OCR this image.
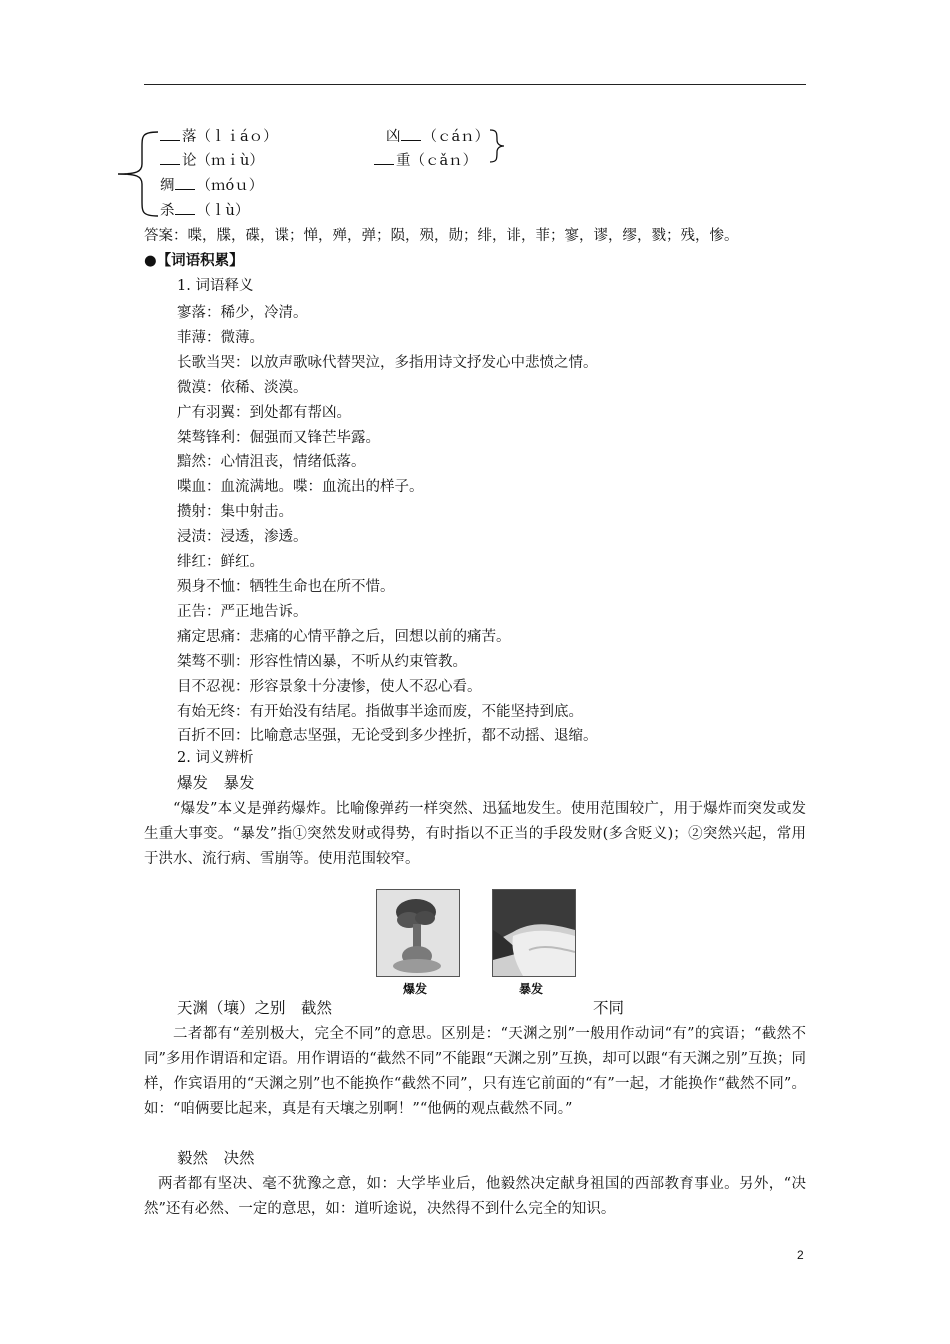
落（ｌｉáｏ）
论（ｍｉù）
绸 （ｍóｕ）
杀 （ｌù）
凶 （ｃáｎ）
重（ｃǎｎ）
答案：喋，牒，碟，谍；惮，殚，弹；陨，殒，勋；绯，诽，菲；寥，谬，缪，戮；残，惨。
●【词语积累】
1. 词语释义
寥落：稀少，冷清。
菲薄：微薄。
长歌当哭：以放声歌咏代替哭泣，多指用诗文抒发心中悲愤之情。
微漠：依稀、淡漠。
广有羽翼：到处都有帮凶。
桀骜锋利：倔强而又锋芒毕露。
黯然：心情沮丧，情绪低落。
喋血：血流满地。喋：血流出的样子。
攒射：集中射击。
浸渍：浸透，渗透。
绯红：鲜红。
殒身不恤：牺牲生命也在所不惜。
正告：严正地告诉。
痛定思痛：悲痛的心情平静之后，回想以前的痛苦。
桀骜不驯：形容性情凶暴，不听从约束管教。
目不忍视：形容景象十分凄惨，使人不忍心看。
有始无终：有开始没有结尾。指做事半途而废，不能坚持到底。
百折不回：比喻意志坚强，无论受到多少挫折，都不动摇、退缩。
2. 词义辨析
爆发　暴发
“爆发”本义是弹药爆炸。比喻像弹药一样突然、迅猛地发生。使用范围较广，用于爆炸而突发或发生重大事变。“暴发”指①突然发财或得势，有时指以不正当的手段发财(多含贬义)；②突然兴起，常用于洪水、流行病、雪崩等。使用范围较窄。
爆发	暴发
天渊（壤）之别　截然	不同
二者都有“差别极大，完全不同”的意思。区别是：“天渊之别”一般用作动词“有”的宾语；“截然不同”多用作谓语和定语。用作谓语的“截然不同”不能跟“天渊之别”互换，却可以跟“有天渊之别”互换；同样，作宾语用的“天渊之别”也不能换作“截然不同”，只有连它前面的“有”一起，才能换作“截然不同”。如：“咱俩要比起来，真是有天壤之别啊！”“他俩的观点截然不同。”
毅然　决然
两者都有坚决、毫不犹豫之意，如：大学毕业后，他毅然决定献身祖国的西部教育事业。另外，“决然”还有必然、一定的意思，如：道听途说，决然得不到什么完全的知识。
2
